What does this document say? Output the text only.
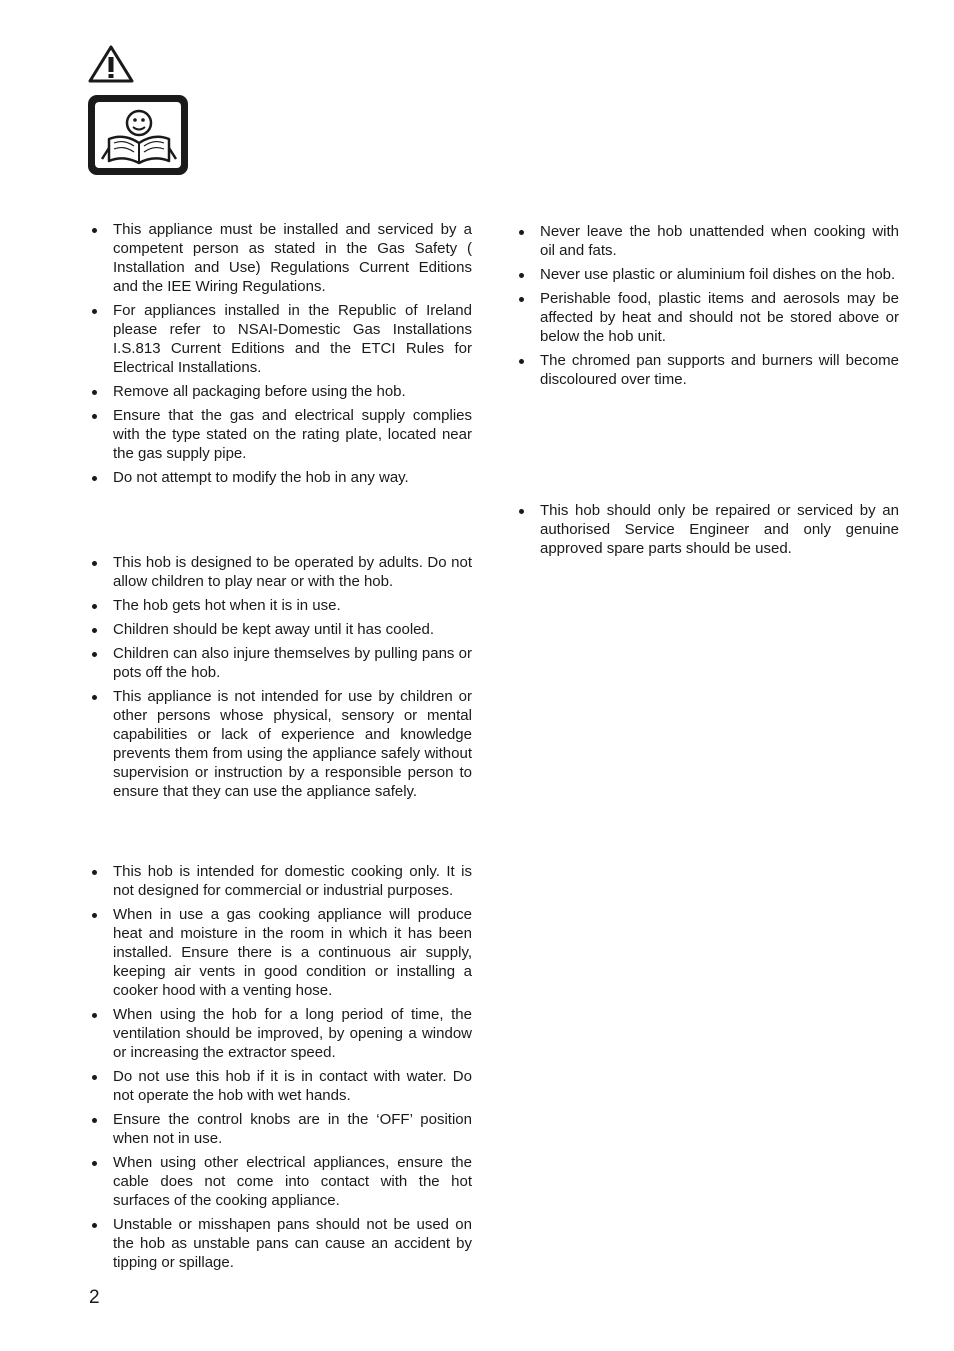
This appliance must be installed and serviced by a competent person as stated in the Gas Safety ( Installation and Use) Regulations Current Editions and the IEE Wiring Regulations.
For appliances installed in the Republic of Ireland please refer to NSAI-Domestic Gas Installations I.S.813 Current Editions and the ETCI Rules for Electrical Installations.
Remove all packaging before using the hob.
Ensure that the gas and electrical supply complies with the type stated on the rating plate, located near the gas supply pipe.
Do not attempt to modify the hob in any way.
This hob is designed to be operated by adults. Do not allow children to play near or with the hob.
The hob gets hot when it is in use.
Children should be kept away until it has cooled.
Children can also injure themselves by pulling pans or pots off the hob.
This appliance is not intended for use by children or other persons whose physical, sensory or mental capabilities or lack of experience and knowledge prevents them from using the appliance safely without supervision or instruction by a responsible person to ensure that they can use the appliance safely.
This hob is intended for domestic cooking only. It is not designed for commercial or industrial purposes.
When in use a gas cooking appliance will produce heat and moisture in the room in which it has been installed. Ensure there is a continuous air supply, keeping air vents in good condition or installing a cooker hood with a venting hose.
When using the hob for a long period of time, the ventilation should be improved, by opening a window or increasing the extractor speed.
Do not use this hob if it is in contact with water. Do not operate the hob with wet hands.
Ensure the control knobs are in the ‘OFF’ position when not in use.
When using other electrical appliances, ensure the cable does not come into contact with the hot surfaces of the cooking appliance.
Unstable or misshapen pans should not be used on the hob as unstable pans can cause an accident by tipping or spillage.
Never leave the hob unattended when cooking with oil and fats.
Never use plastic or aluminium foil dishes on the hob.
Perishable food, plastic items and aerosols may be affected by heat and should not be stored above or below the hob unit.
The chromed pan supports and burners will become discoloured over time.
This hob should only be repaired or serviced by an authorised Service Engineer and only genuine approved spare parts should be used.
2
